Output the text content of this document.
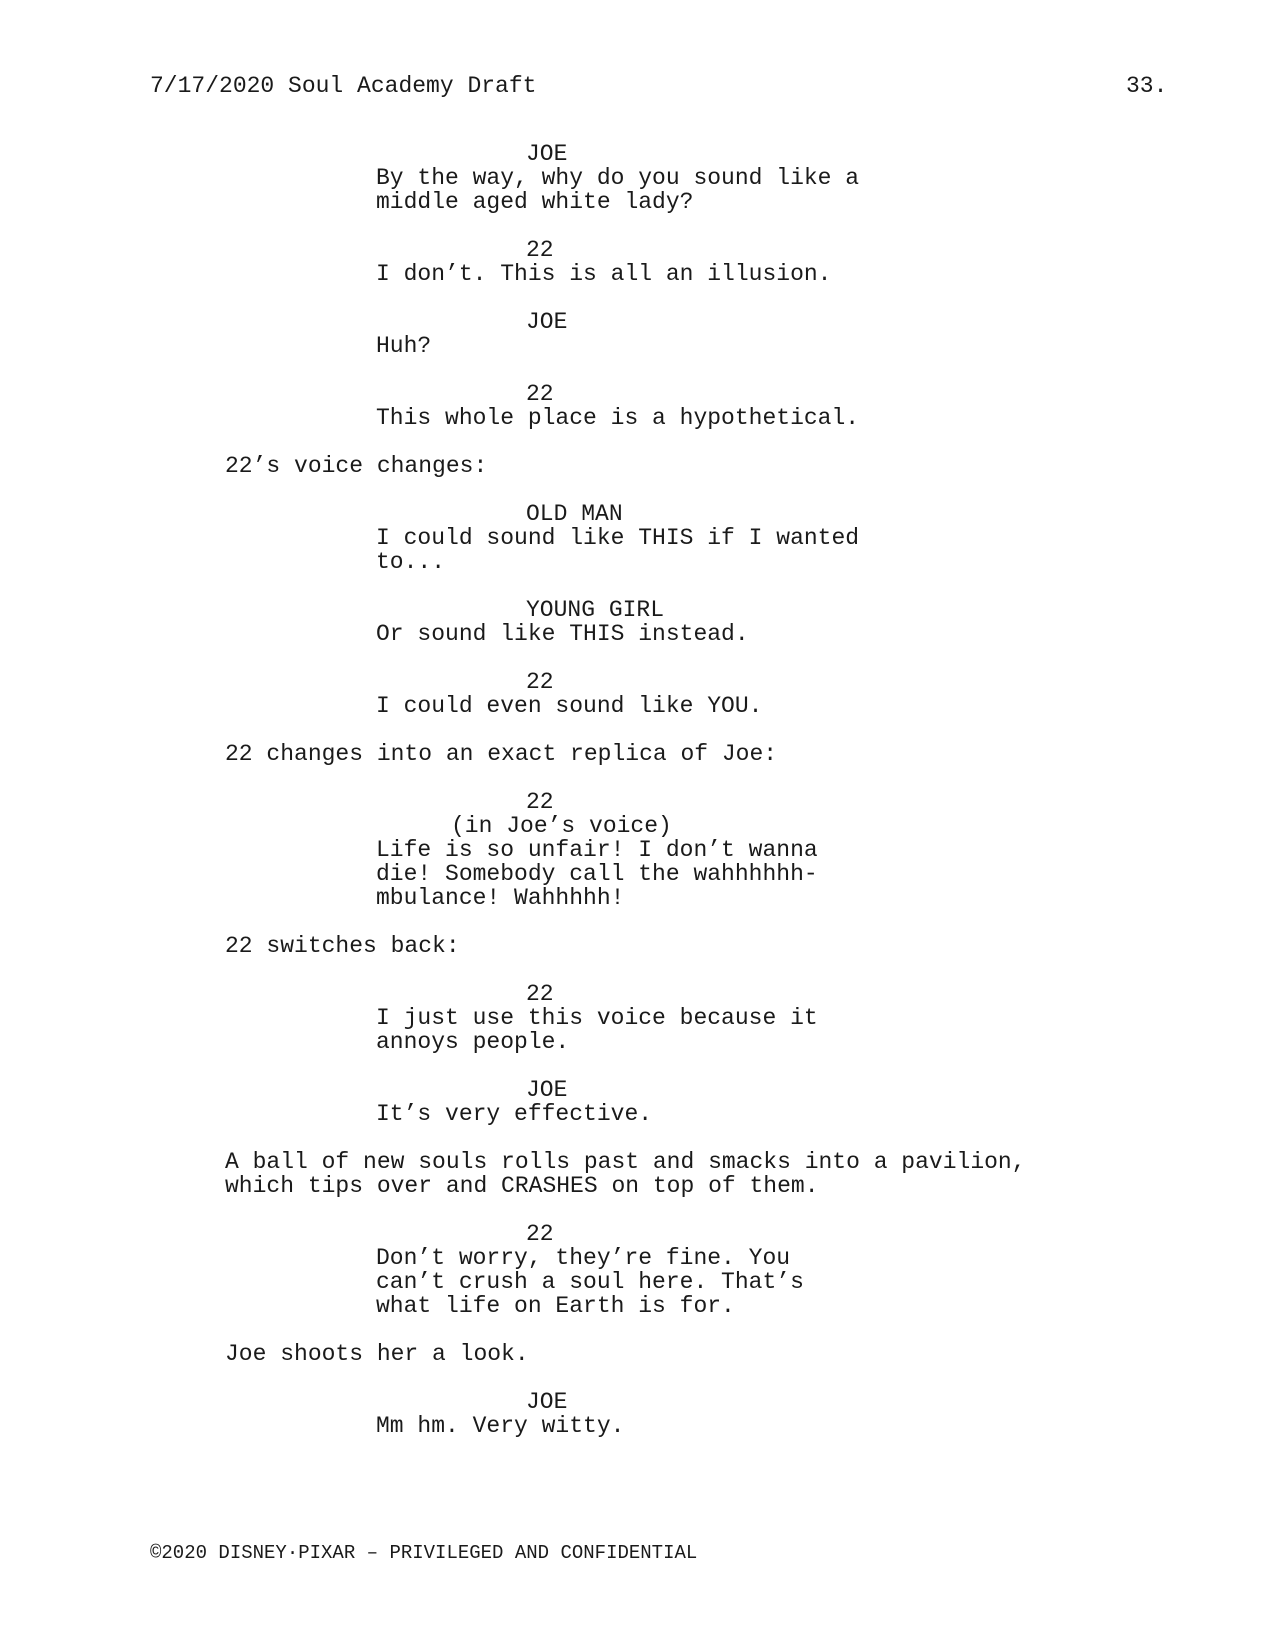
7/17/2020 Soul Academy Draft	33.
JOE
By the way, why do you sound like a
middle aged white lady?
22
I don’t. This is all an illusion.
JOE
Huh?
22
This whole place is a hypothetical.
22’s voice changes:
OLD MAN
I could sound like THIS if I wanted
to...
YOUNG GIRL
Or sound like THIS instead.
22
I could even sound like YOU.
22 changes into an exact replica of Joe:
22
(in Joe’s voice)
Life is so unfair! I don’t wanna
die! Somebody call the wahhhhhh-
mbulance! Wahhhhh!
22 switches back:
22
I just use this voice because it
annoys people.
JOE
It’s very effective.
A ball of new souls rolls past and smacks into a pavilion,
which tips over and CRASHES on top of them.
22
Don’t worry, they’re fine. You
can’t crush a soul here. That’s
what life on Earth is for.
Joe shoots her a look.
JOE
Mm hm. Very witty.
©2020 DISNEY·PIXAR – PRIVILEGED AND CONFIDENTIAL
